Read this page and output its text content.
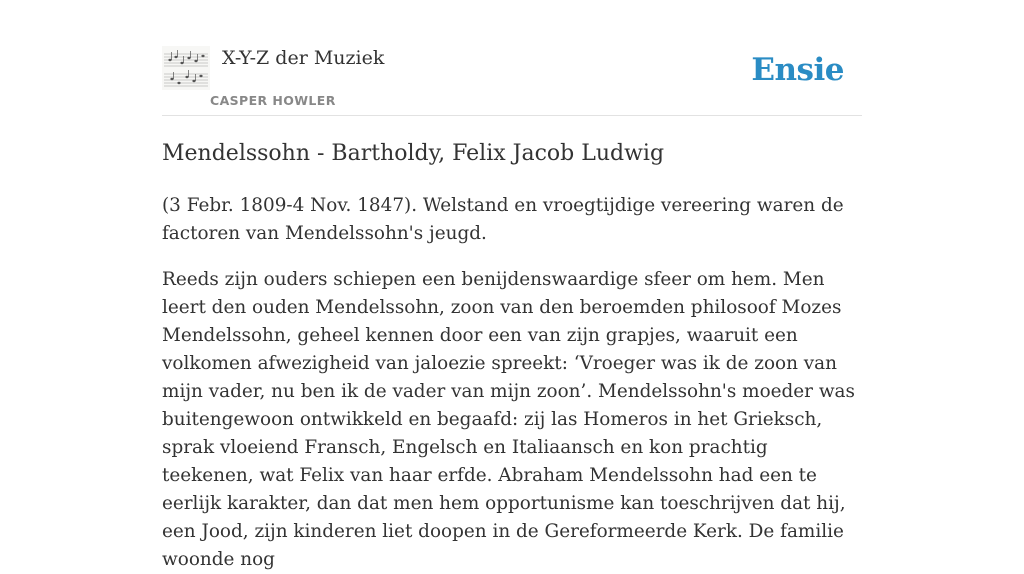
X-Y-Z der Muziek
CASPER HOWLER
Ensie
Mendelssohn - Bartholdy, Felix Jacob Ludwig

(3 Febr. 1809-4 Nov. 1847). Welstand en vroegtijdige vereering waren de factoren van Mendelssohn's jeugd.

Reeds zijn ouders schiepen een benijdenswaardige sfeer om hem. Men leert den ouden Mendelssohn, zoon van den beroemden philosoof Mozes Mendelssohn, geheel kennen door een van zijn grapjes, waaruit een volkomen afwezigheid van jaloezie spreekt: ‘Vroeger was ik de zoon van mijn vader, nu ben ik de vader van mijn zoon’. Mendelssohn's moeder was buitengewoon ontwikkeld en begaafd: zij las Homeros in het Grieksch, sprak vloeiend Fransch, Engelsch en Italiaansch en kon prachtig teekenen, wat Felix van haar erfde. Abraham Mendelssohn had een te eerlijk karakter, dan dat men hem opportunisme kan toeschrijven dat hij, een Jood, zijn kinderen liet doopen in de Gereformeerde Kerk. De familie woonde nog
